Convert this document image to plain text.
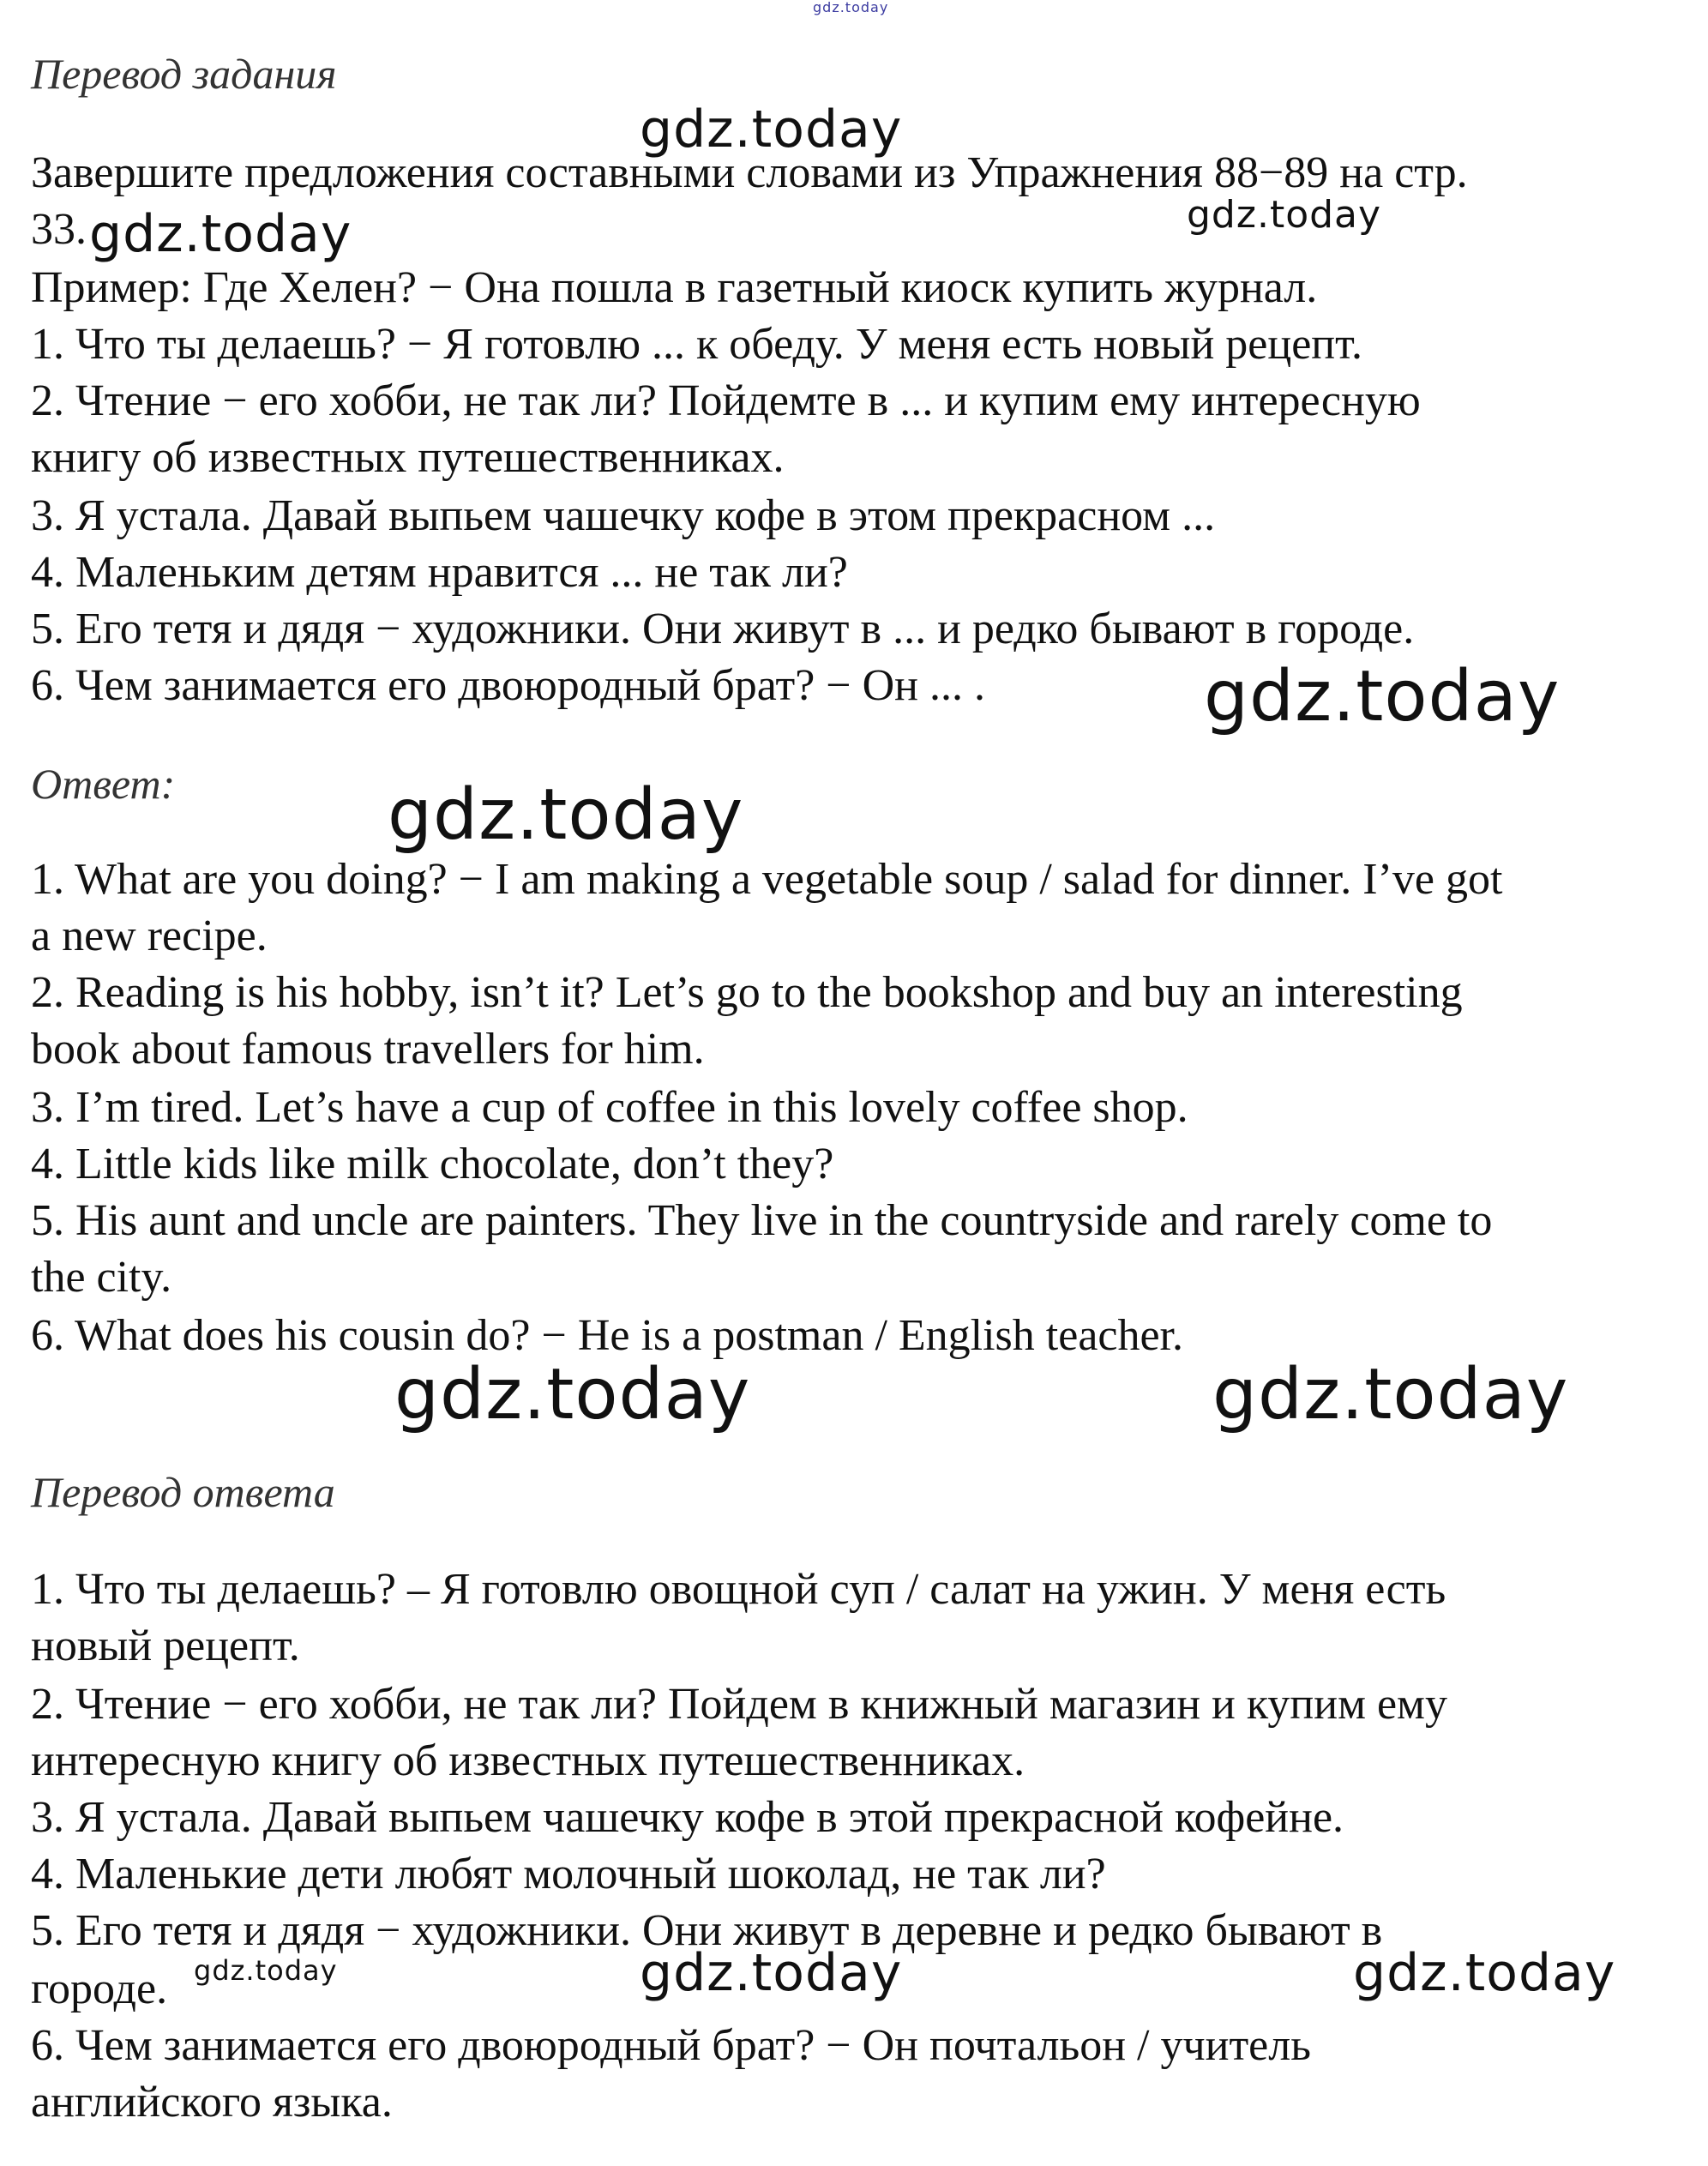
gdz.today
gdz.today
gdz.today	gdz.today
gdz.today
gdz.today
gdz.today	gdz.today
gdz.today	gdz.today	gdz.today
Перевод задания
Завершите предложения составными словами из Упражнения 88−89 на стр.
33.
Пример: Где Хелен? − Она пошла в газетный киоск купить журнал.
1. Что ты делаешь? − Я готовлю ... к обеду. У меня есть новый рецепт.
2. Чтение − его хобби, не так ли? Пойдемте в ... и купим ему интересную
книгу об известных путешественниках.
3. Я устала. Давай выпьем чашечку кофе в этом прекрасном ...
4. Маленьким детям нравится ... не так ли?
5. Его тетя и дядя − художники. Они живут в ... и редко бывают в городе.
6. Чем занимается его двоюродный брат? − Он ... .
Ответ:
1. What are you doing? − I am making a vegetable soup / salad for dinner. I’ve got
a new recipe.
2. Reading is his hobby, isn’t it? Let’s go to the bookshop and buy an interesting
book about famous travellers for him.
3. I’m tired. Let’s have a cup of coffee in this lovely coffee shop.
4. Little kids like milk chocolate, don’t they?
5. His aunt and uncle are painters. They live in the countryside and rarely come to
the city.
6. What does his cousin do? − He is a postman / English teacher.
Перевод ответа
1. Что ты делаешь? – Я готовлю овощной суп / салат на ужин. У меня есть
новый рецепт.
2. Чтение − его хобби, не так ли? Пойдем в книжный магазин и купим ему
интересную книгу об известных путешественниках.
3. Я устала. Давай выпьем чашечку кофе в этой прекрасной кофейне.
4. Маленькие дети любят молочный шоколад, не так ли?
5. Его тетя и дядя − художники. Они живут в деревне и редко бывают в
городе.
6. Чем занимается его двоюродный брат? − Он почтальон / учитель
английского языка.
